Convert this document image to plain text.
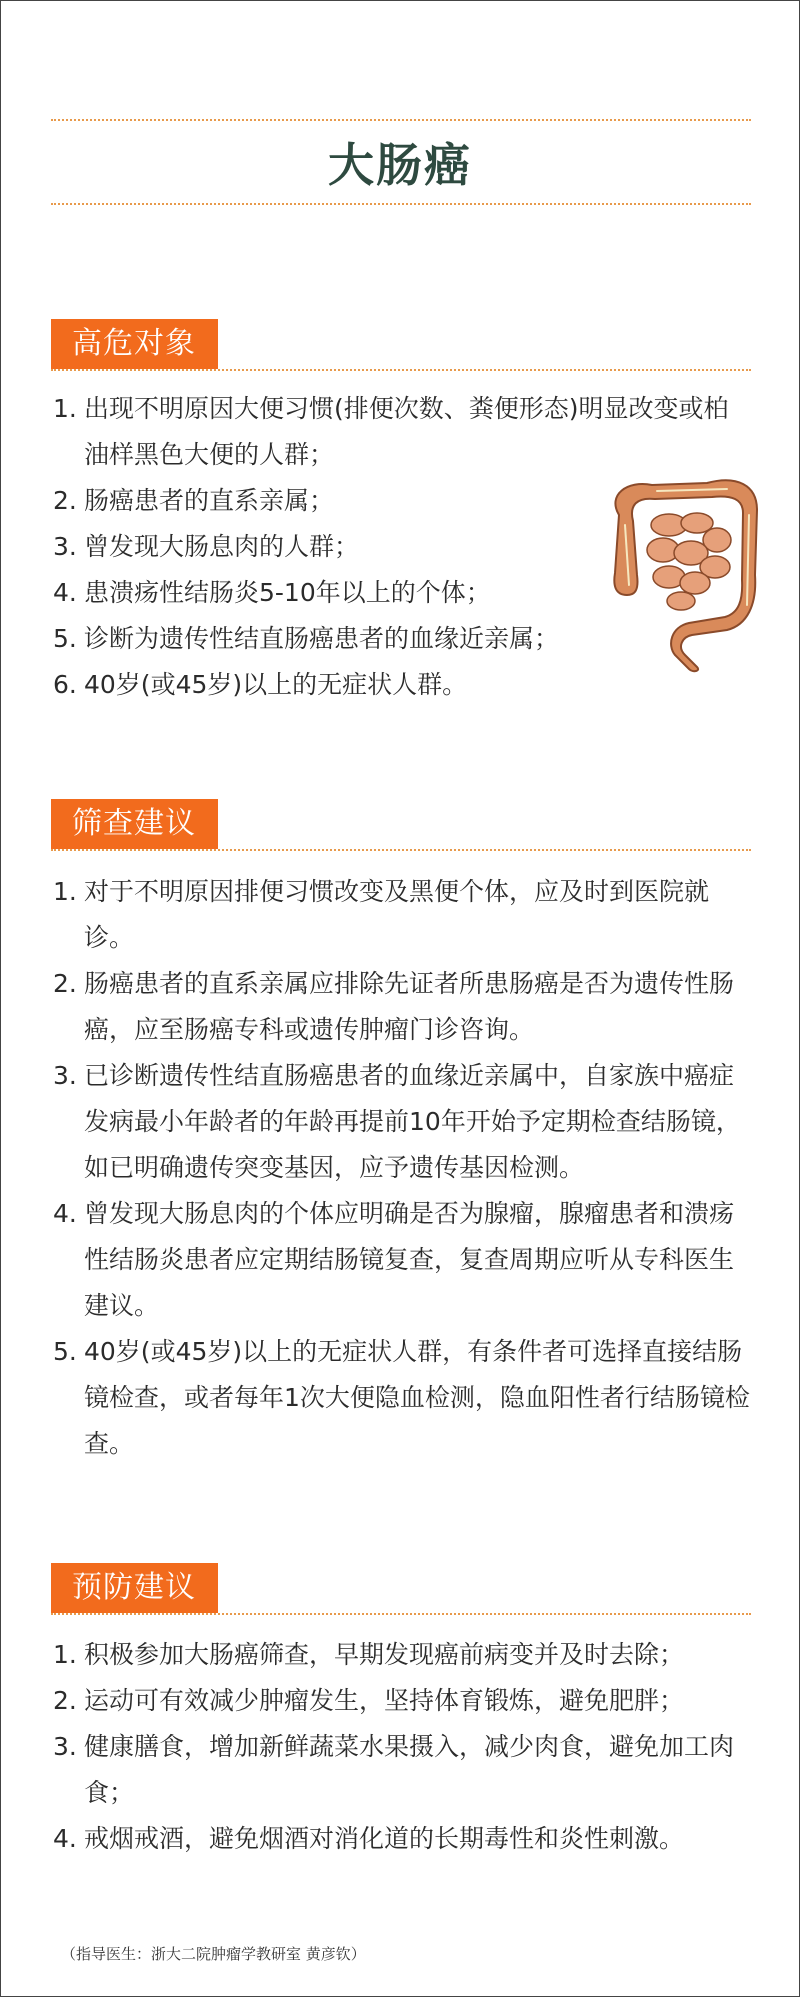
大肠癌
高危对象
1. 出现不明原因大便习惯(排便次数、粪便形态)明显改变或柏油样黑色大便的人群；
2. 肠癌患者的直系亲属；
3. 曾发现大肠息肉的人群；
4. 患溃疡性结肠炎5-10年以上的个体；
5. 诊断为遗传性结直肠癌患者的血缘近亲属；
6. 40岁(或45岁)以上的无症状人群。
筛查建议
1. 对于不明原因排便习惯改变及黑便个体，应及时到医院就诊。
2. 肠癌患者的直系亲属应排除先证者所患肠癌是否为遗传性肠癌，应至肠癌专科或遗传肿瘤门诊咨询。
3. 已诊断遗传性结直肠癌患者的血缘近亲属中，自家族中癌症发病最小年龄者的年龄再提前10年开始予定期检查结肠镜，如已明确遗传突变基因，应予遗传基因检测。
4. 曾发现大肠息肉的个体应明确是否为腺瘤，腺瘤患者和溃疡性结肠炎患者应定期结肠镜复查，复查周期应听从专科医生建议。
5. 40岁(或45岁)以上的无症状人群，有条件者可选择直接结肠镜检查，或者每年1次大便隐血检测，隐血阳性者行结肠镜检查。
预防建议
1. 积极参加大肠癌筛查，早期发现癌前病变并及时去除；
2. 运动可有效减少肿瘤发生，坚持体育锻炼，避免肥胖；
3. 健康膳食，增加新鲜蔬菜水果摄入，减少肉食，避免加工肉食；
4. 戒烟戒酒，避免烟酒对消化道的长期毒性和炎性刺激。
（指导医生：浙大二院肿瘤学教研室 黄彦钦）
